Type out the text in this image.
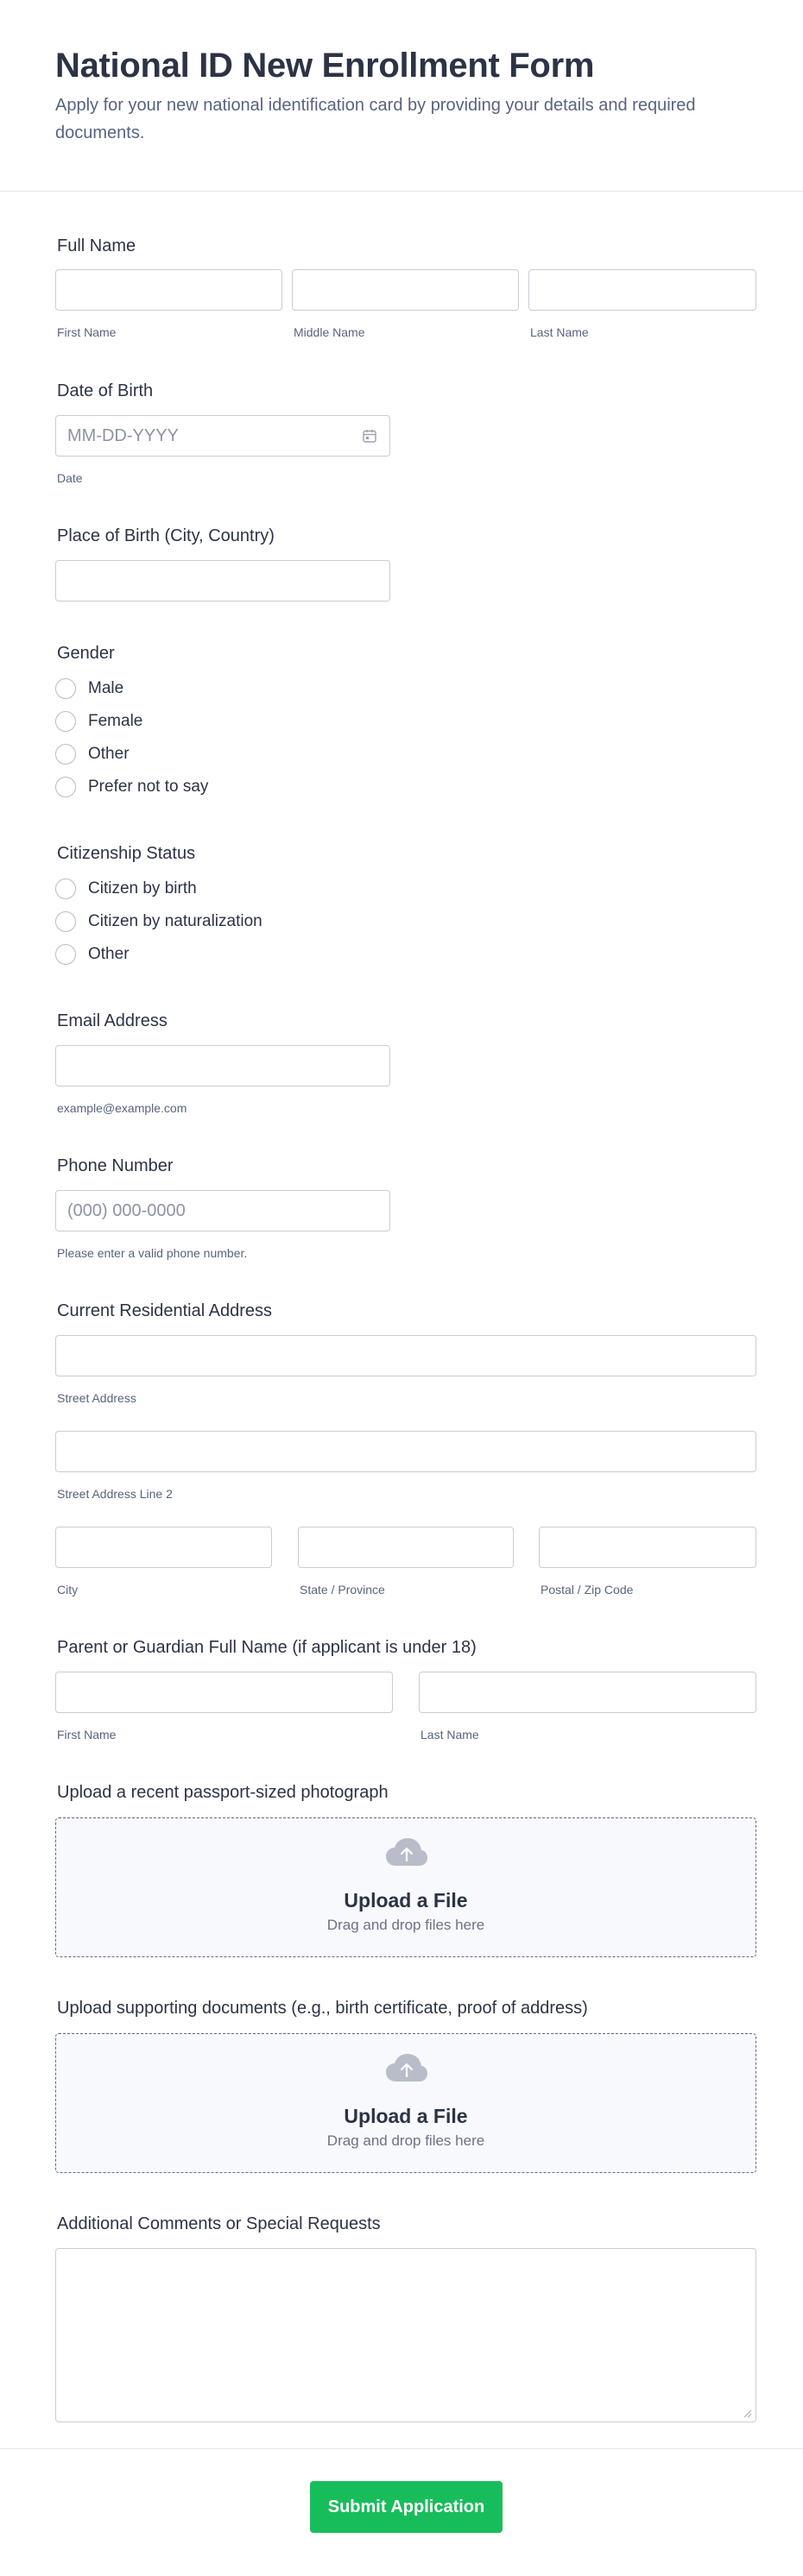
National ID New Enrollment Form
Apply for your new national identification card by providing your details and required documents.
Full Name
First Name	Middle Name	Last Name
Date of Birth
MM-DD-YYYY
Date
Place of Birth (City, Country)
Gender
Male
Female
Other
Prefer not to say
Citizenship Status
Citizen by birth
Citizen by naturalization
Other
Email Address
example@example.com
Phone Number
(000) 000-0000
Please enter a valid phone number.
Current Residential Address
Street Address
Street Address Line 2
City	State / Province	Postal / Zip Code
Parent or Guardian Full Name (if applicant is under 18)
First Name	Last Name
Upload a recent passport-sized photograph
Upload a File
Drag and drop files here
Upload supporting documents (e.g., birth certificate, proof of address)
Upload a File
Drag and drop files here
Additional Comments or Special Requests
Submit Application
